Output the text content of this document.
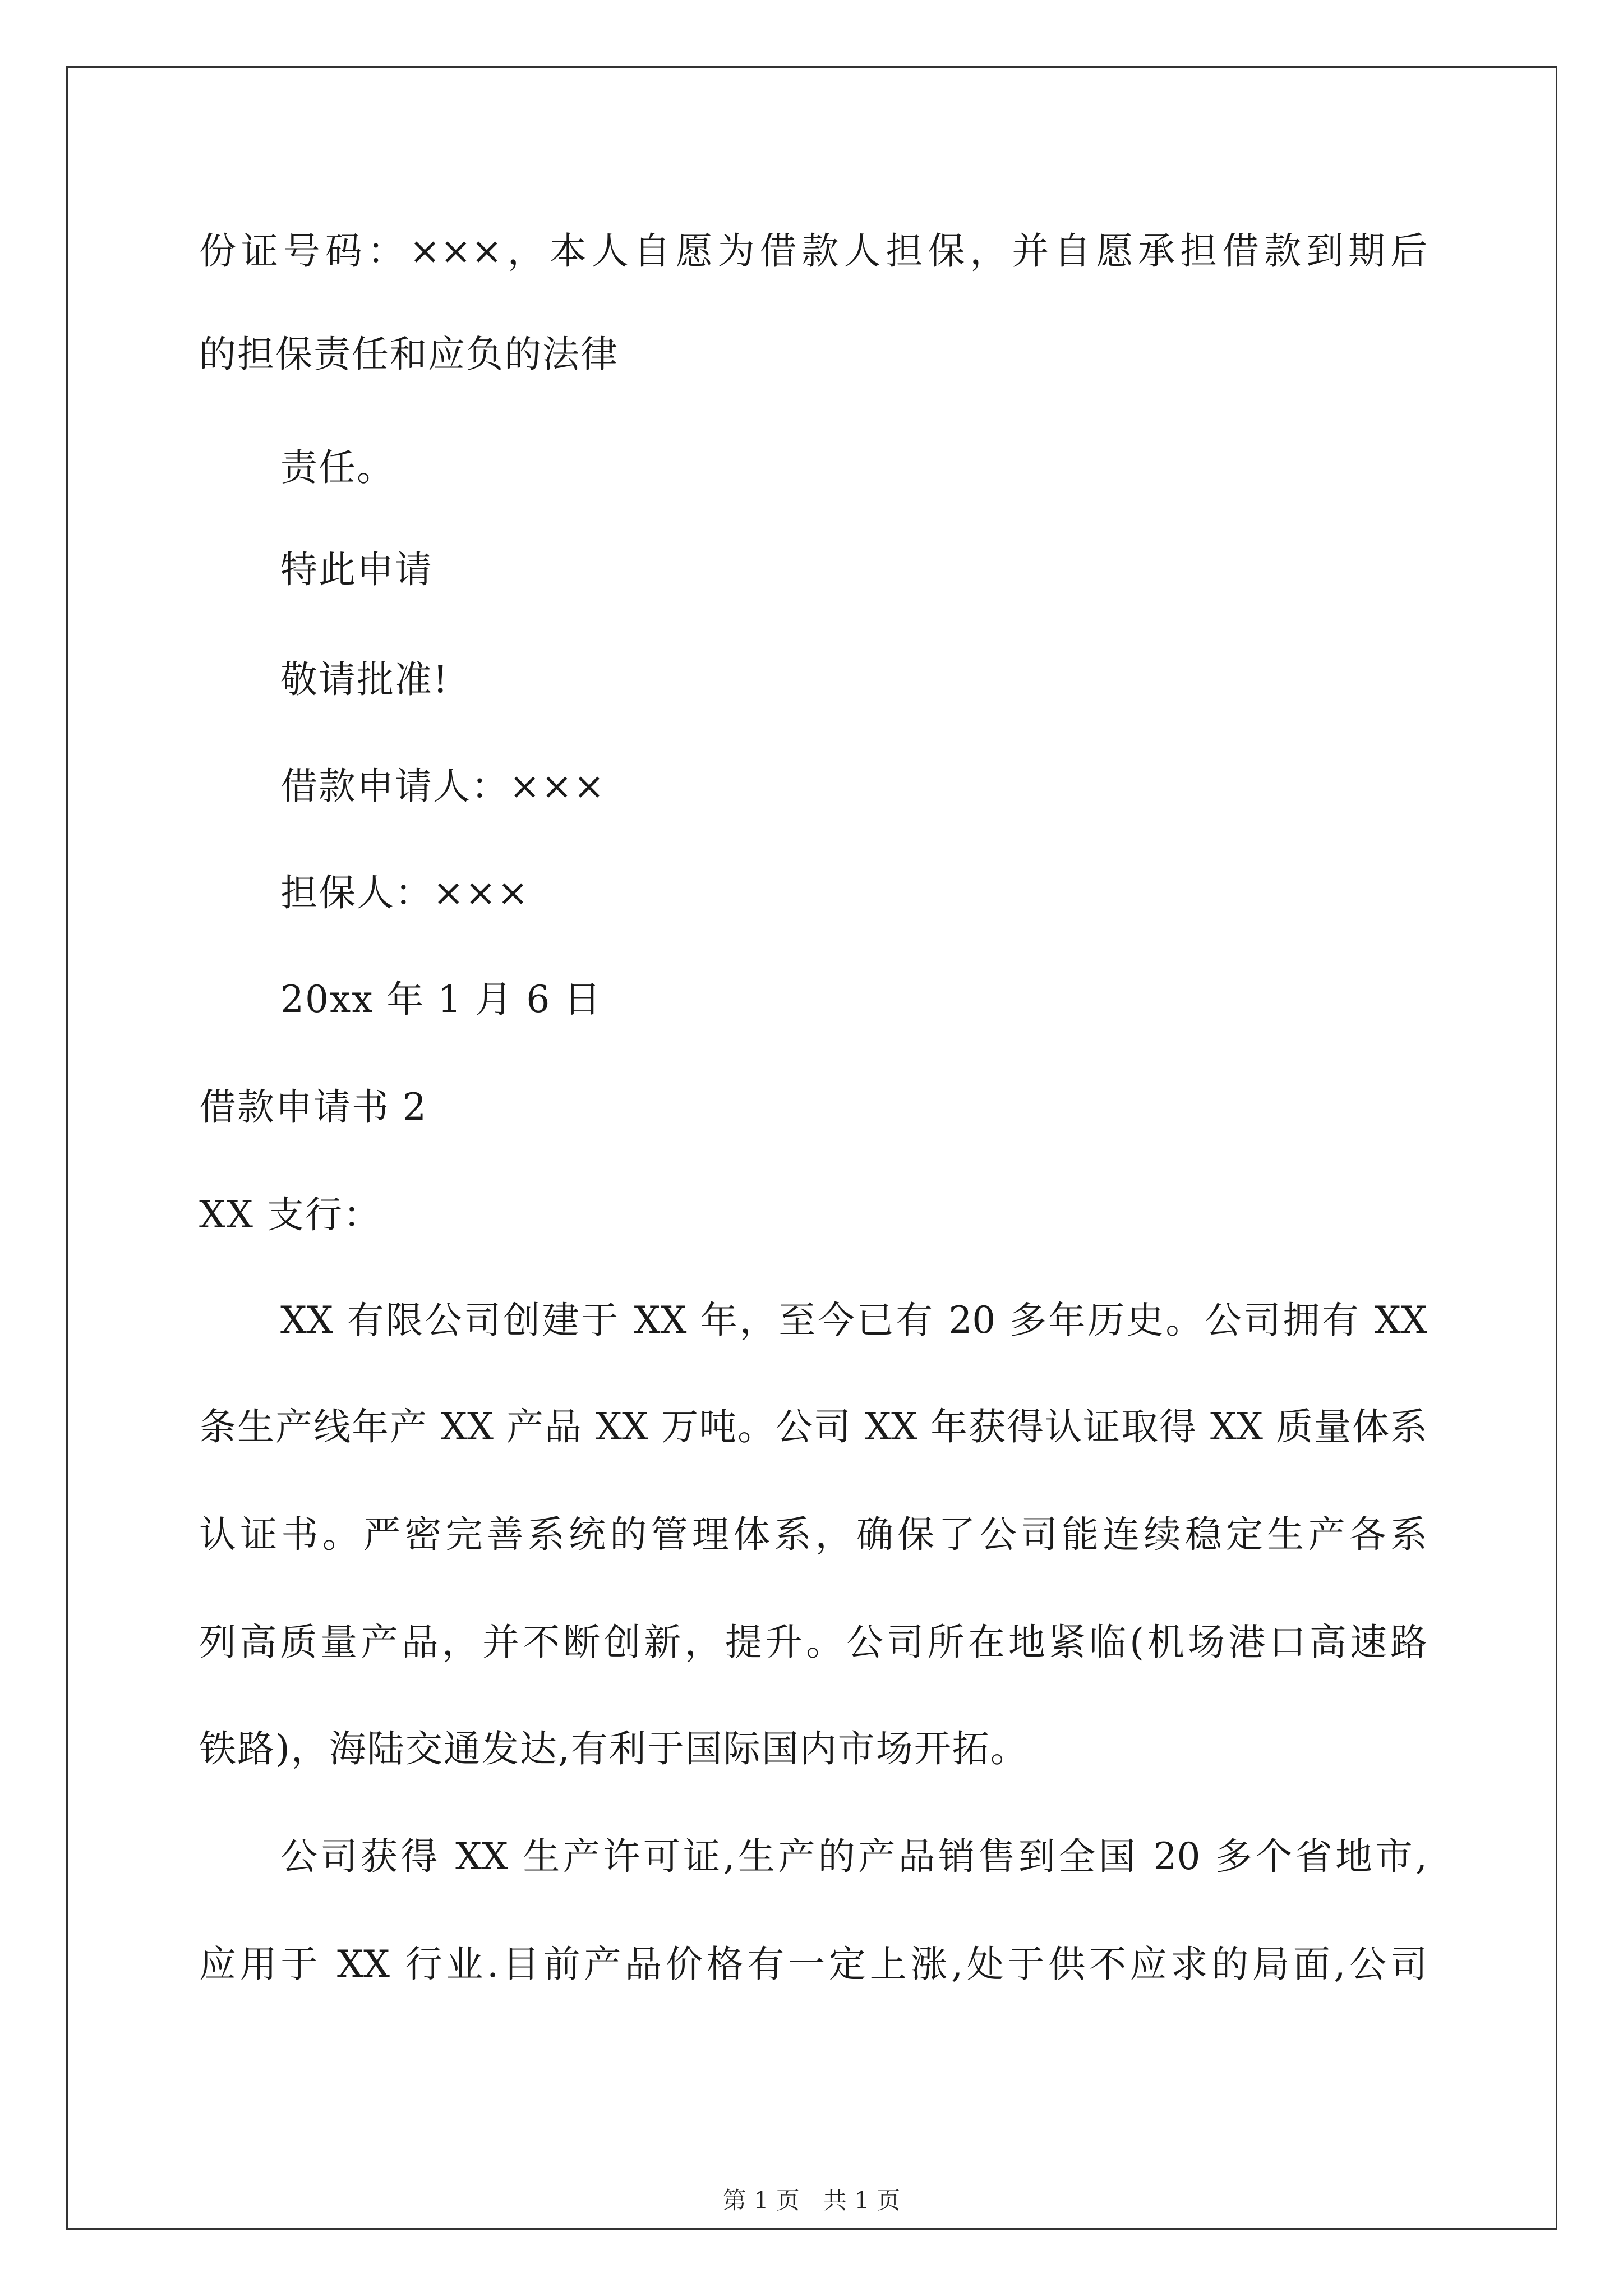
份证号码：×××，本人自愿为借款人担保，并自愿承担借款到期后
的担保责任和应负的法律
责任。
特此申请
敬请批准!
借款申请人：×××
担保人：×××
20xx 年 1 月 6 日
借款申请书 2
XX 支行：
XX 有限公司创建于 XX 年，至今已有 20 多年历史。公司拥有 XX
条生产线年产 XX 产品 XX 万吨。公司 XX 年获得认证取得 XX 质量体系
认证书。严密完善系统的管理体系，确保了公司能连续稳定生产各系
列高质量产品，并不断创新，提升。公司所在地紧临(机场港口高速路
铁路)，海陆交通发达,有利于国际国内市场开拓。
公司获得 XX 生产许可证,生产的产品销售到全国 20 多个省地市,
应用于 XX 行业.目前产品价格有一定上涨,处于供不应求的局面,公司
第 1 页　共 1 页
